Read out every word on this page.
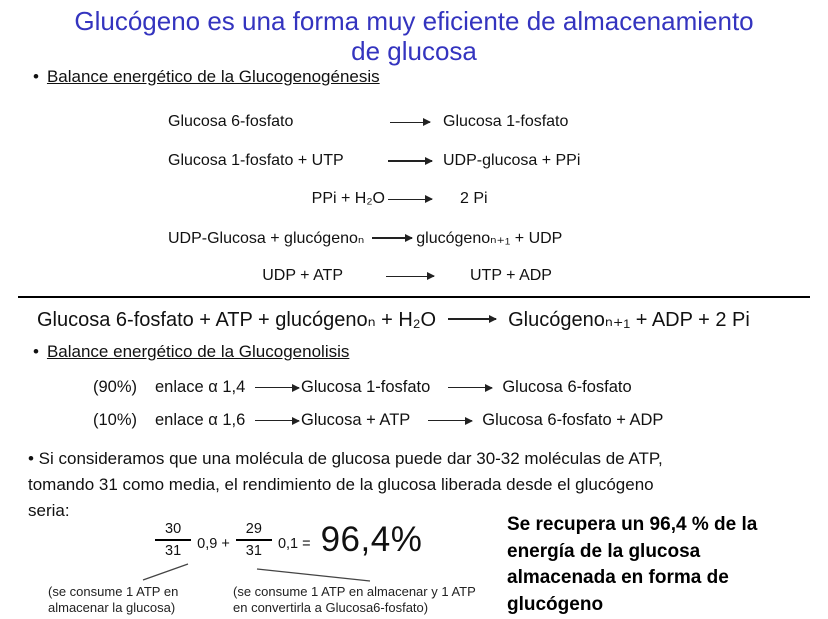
Glucógeno es una forma muy eficiente de almacenamiento
de glucosa
• Balance energético de la Glucogenogénesis
Glucosa 6-fosfato	Glucosa 1-fosfato
Glucosa 1-fosfato + UTP	UDP-glucosa + PPi
PPi + H₂O	2 Pi
UDP-Glucosa + glucógenoₙ	glucógenoₙ₊₁ + UDP
UDP + ATP	UTP + ADP
Glucosa 6-fosfato + ATP + glucógenoₙ + H₂O	Glucógenoₙ₊₁ + ADP + 2 Pi
• Balance energético de la Glucogenolisis
(90%)	enlace α 1,4	Glucosa 1-fosfato	Glucosa 6-fosfato
(10%)	enlace α 1,6	Glucosa + ATP	Glucosa 6-fosfato + ADP
• Si consideramos que una molécula de glucosa puede dar 30-32 moléculas de ATP,
tomando 31 como media, el rendimiento de la glucosa liberada desde el glucógeno
seria:
$\frac{30}{31} 0,9 + \frac{29}{31} 0,1 = 96,4\%$
(se consume 1 ATP en
almacenar la glucosa)
(se consume 1 ATP en almacenar y 1 ATP
en convertirla a Glucosa6-fosfato)
Se recupera un 96,4 % de la
energía de la glucosa
almacenada en forma de
glucógeno
